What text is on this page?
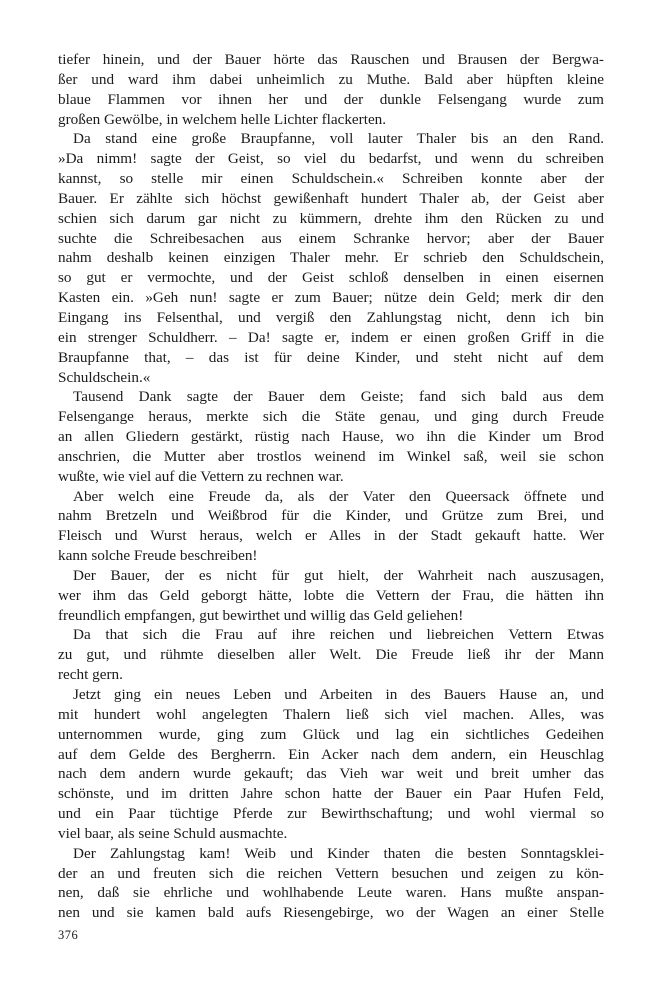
tiefer hinein, und der Bauer hörte das Rauschen und Brausen der Bergwa-
ßer und ward ihm dabei unheimlich zu Muthe. Bald aber hüpften kleine
blaue Flammen vor ihnen her und der dunkle Felsengang wurde zum
großen Gewölbe, in welchem helle Lichter flackerten.
Da stand eine große Braupfanne, voll lauter Thaler bis an den Rand.
»Da nimm! sagte der Geist, so viel du bedarfst, und wenn du schreiben
kannst, so stelle mir einen Schuldschein.« Schreiben konnte aber der
Bauer. Er zählte sich höchst gewißenhaft hundert Thaler ab, der Geist aber
schien sich darum gar nicht zu kümmern, drehte ihm den Rücken zu und
suchte die Schreibesachen aus einem Schranke hervor; aber der Bauer
nahm deshalb keinen einzigen Thaler mehr. Er schrieb den Schuldschein,
so gut er vermochte, und der Geist schloß denselben in einen eisernen
Kasten ein. »Geh nun! sagte er zum Bauer; nütze dein Geld; merk dir den
Eingang ins Felsenthal, und vergiß den Zahlungstag nicht, denn ich bin
ein strenger Schuldherr. – Da! sagte er, indem er einen großen Griff in die
Braupfanne that, – das ist für deine Kinder, und steht nicht auf dem
Schuldschein.«
Tausend Dank sagte der Bauer dem Geiste; fand sich bald aus dem
Felsengange heraus, merkte sich die Stäte genau, und ging durch Freude
an allen Gliedern gestärkt, rüstig nach Hause, wo ihn die Kinder um Brod
anschrien, die Mutter aber trostlos weinend im Winkel saß, weil sie schon
wußte, wie viel auf die Vettern zu rechnen war.
Aber welch eine Freude da, als der Vater den Queersack öffnete und
nahm Bretzeln und Weißbrod für die Kinder, und Grütze zum Brei, und
Fleisch und Wurst heraus, welch er Alles in der Stadt gekauft hatte. Wer
kann solche Freude beschreiben!
Der Bauer, der es nicht für gut hielt, der Wahrheit nach auszusagen,
wer ihm das Geld geborgt hätte, lobte die Vettern der Frau, die hätten ihn
freundlich empfangen, gut bewirthet und willig das Geld geliehen!
Da that sich die Frau auf ihre reichen und liebreichen Vettern Etwas
zu gut, und rühmte dieselben aller Welt. Die Freude ließ ihr der Mann
recht gern.
Jetzt ging ein neues Leben und Arbeiten in des Bauers Hause an, und
mit hundert wohl angelegten Thalern ließ sich viel machen. Alles, was
unternommen wurde, ging zum Glück und lag ein sichtliches Gedeihen
auf dem Gelde des Bergherrn. Ein Acker nach dem andern, ein Heuschlag
nach dem andern wurde gekauft; das Vieh war weit und breit umher das
schönste, und im dritten Jahre schon hatte der Bauer ein Paar Hufen Feld,
und ein Paar tüchtige Pferde zur Bewirthschaftung; und wohl viermal so
viel baar, als seine Schuld ausmachte.
Der Zahlungstag kam! Weib und Kinder thaten die besten Sonntagsklei-
der an und freuten sich die reichen Vettern besuchen und zeigen zu kön-
nen, daß sie ehrliche und wohlhabende Leute waren. Hans mußte anspan-
nen und sie kamen bald aufs Riesengebirge, wo der Wagen an einer Stelle
376
